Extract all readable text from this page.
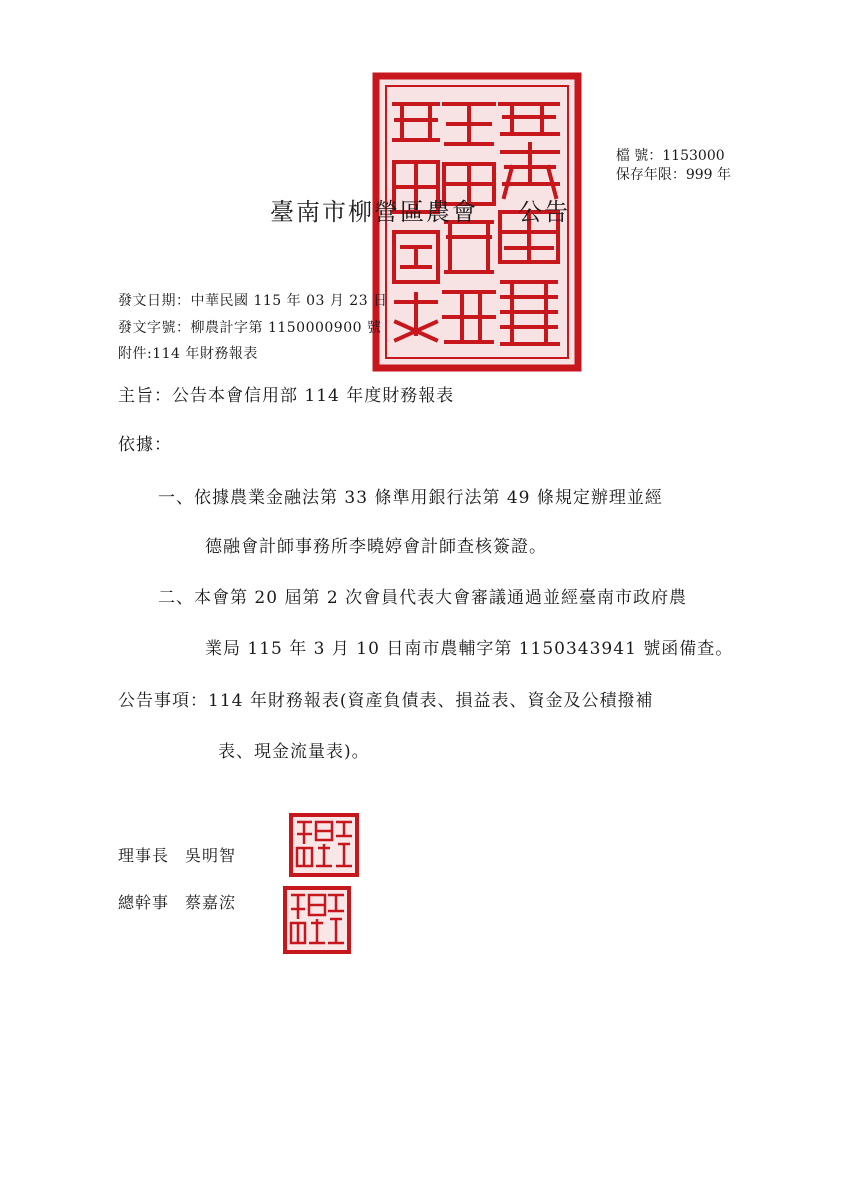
檔 號：1153000
保存年限：999 年
臺南市柳營區農會 公告
發文日期：中華民國 115 年 03 月 23 日
發文字號：柳農計字第 1150000900 號
附件:114 年財務報表
主旨：公告本會信用部 114 年度財務報表
依據：
一、依據農業金融法第 33 條準用銀行法第 49 條規定辦理並經
德融會計師事務所李曉婷會計師查核簽證。
二、本會第 20 屆第 2 次會員代表大會審議通過並經臺南市政府農
業局 115 年 3 月 10 日南市農輔字第 1150343941 號函備查。
公告事項：114 年財務報表(資產負債表、損益表、資金及公積撥補
表、現金流量表)。
理事長 吳明智
總幹事 蔡嘉浤
